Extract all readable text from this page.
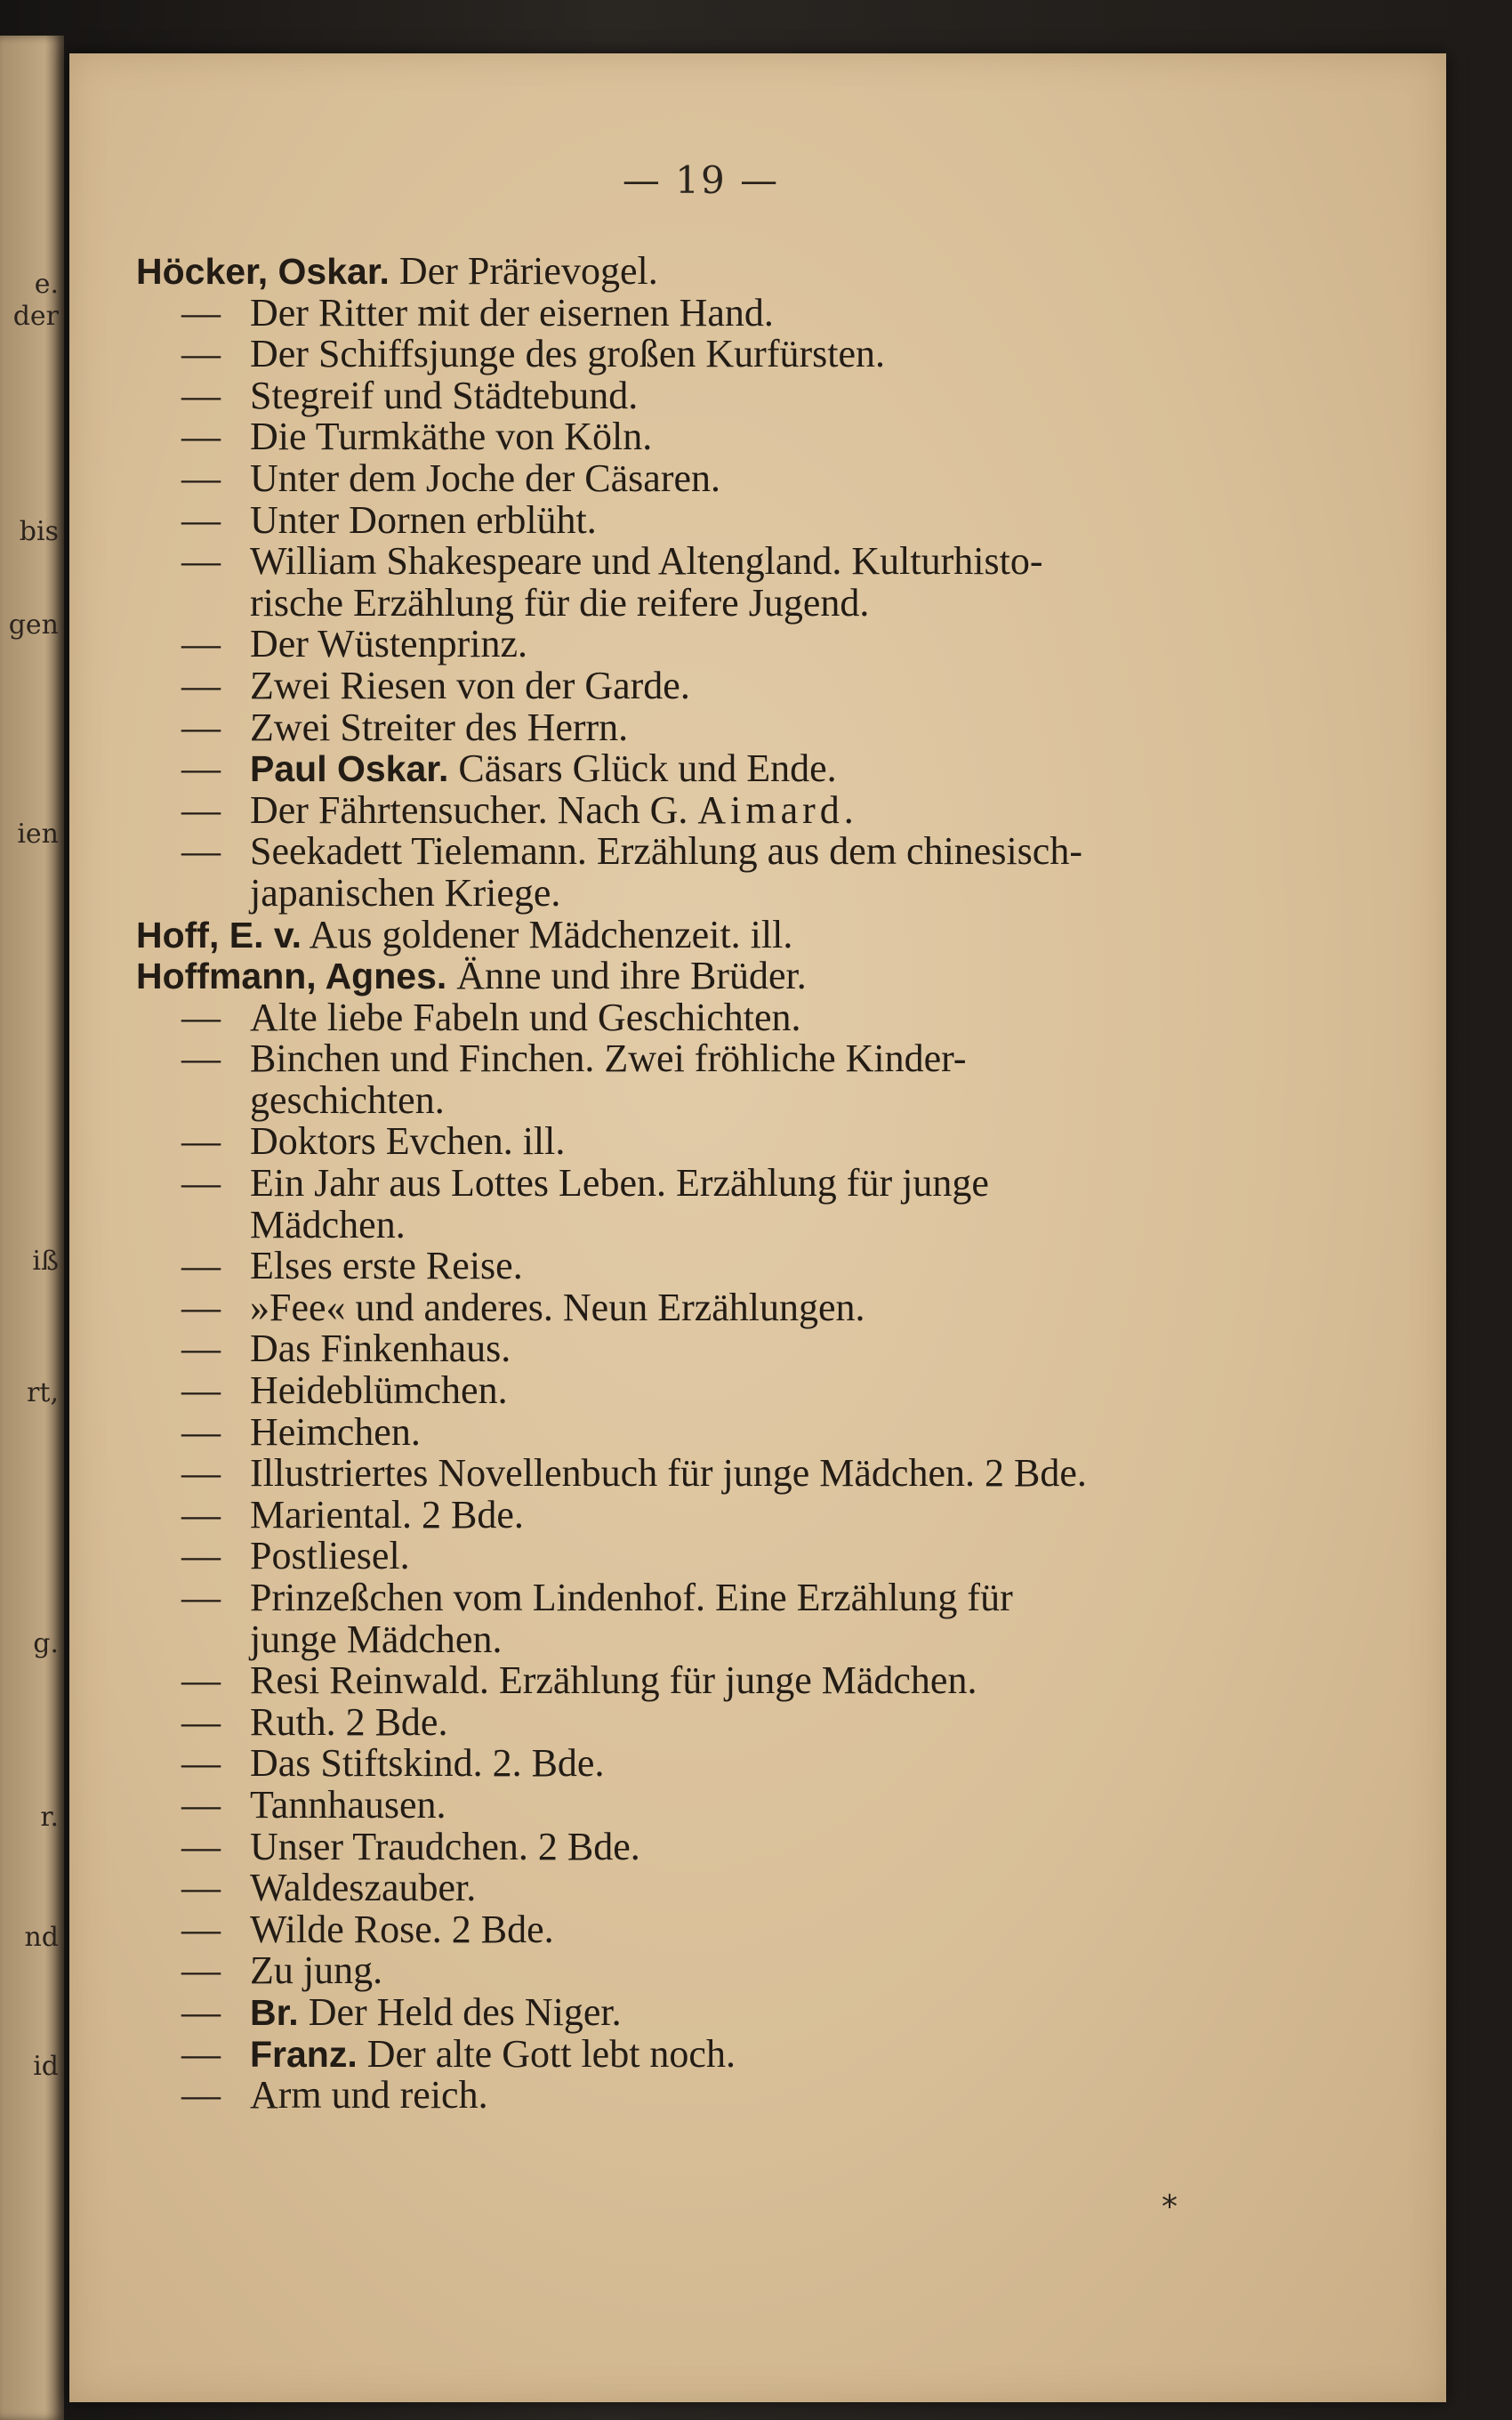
e.
der
bis
gen
ien
iß
rt,
g.
r.
nd
id
— 19 —
Höcker, Oskar. Der Prärievogel.
— Der Ritter mit der eisernen Hand.
— Der Schiffsjunge des großen Kurfürsten.
— Stegreif und Städtebund.
— Die Turmkäthe von Köln.
— Unter dem Joche der Cäsaren.
— Unter Dornen erblüht.
— William Shakespeare und Altengland. Kulturhisto-
rische Erzählung für die reifere Jugend.
— Der Wüstenprinz.
— Zwei Riesen von der Garde.
— Zwei Streiter des Herrn.
— Paul Oskar. Cäsars Glück und Ende.
— Der Fährtensucher. Nach G. Aimard.
— Seekadett Tielemann. Erzählung aus dem chinesisch-
japanischen Kriege.
Hoff, E. v. Aus goldener Mädchenzeit. ill.
Hoffmann, Agnes. Änne und ihre Brüder.
— Alte liebe Fabeln und Geschichten.
— Binchen und Finchen. Zwei fröhliche Kinder-
geschichten.
— Doktors Evchen. ill.
— Ein Jahr aus Lottes Leben. Erzählung für junge
Mädchen.
— Elses erste Reise.
— »Fee« und anderes. Neun Erzählungen.
— Das Finkenhaus.
— Heideblümchen.
— Heimchen.
— Illustriertes Novellenbuch für junge Mädchen. 2 Bde.
— Mariental. 2 Bde.
— Postliesel.
— Prinzeßchen vom Lindenhof. Eine Erzählung für
junge Mädchen.
— Resi Reinwald. Erzählung für junge Mädchen.
— Ruth. 2 Bde.
— Das Stiftskind. 2. Bde.
— Tannhausen.
— Unser Traudchen. 2 Bde.
— Waldeszauber.
— Wilde Rose. 2 Bde.
— Zu jung.
— Br. Der Held des Niger.
— Franz. Der alte Gott lebt noch.
— Arm und reich.
*
